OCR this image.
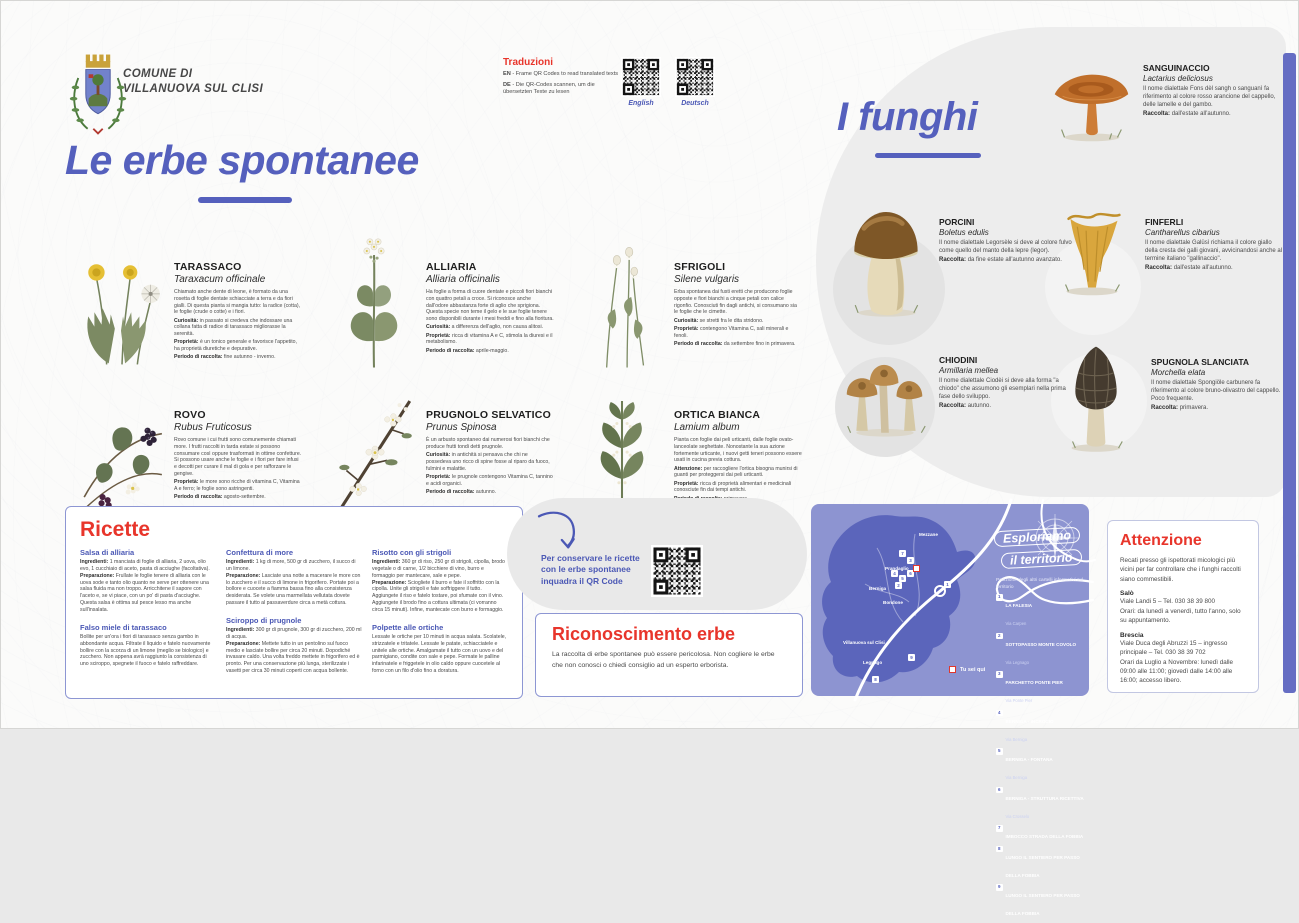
COMUNE DI
VILLANUOVA SUL CLISI
Traduzioni

EN - Frame QR Codes to read translated texts

DE - Die QR-Codes scannen, um die übersetzten Texte zu lesen

English	Deutsch
Le erbe spontanee
I funghi
TARASSACO
Taraxacum officinale

Chiamato anche dente di leone, è formato da una rosetta di foglie dentate schiacciate a terra e da fiori gialli. Di questa pianta si mangia tutto: la radice (cotta), le foglie (crude o cotte) e i fiori.

Curiosità: in passato si credeva che indossare una collana fatta di radice di tarassaco migliorasse la serenità.

Proprietà: è un tonico generale e favorisce l'appetito, ha proprietà diuretiche e depurative.

Periodo di raccolta: fine autunno - inverno.

ALLIARIA
Alliaria officinalis

Ha foglie a forma di cuore dentate e piccoli fiori bianchi con quattro petali a croce. Si riconosce anche dall'odore abbastanza forte di aglio che sprigiona. Questa specie non teme il gelo e le sue foglie tenere sono disponibili durante i mesi freddi e fino alla fioritura.

Curiosità: a differenza dell'aglio, non causa alitosi.

Proprietà: ricca di vitamina A e C, stimola la diuresi e il metabolismo.

Periodo di raccolta: aprile-maggio.

SFRIGOLI
Silene vulgaris

Erba spontanea dai fusti eretti che producono foglie opposte e fiori bianchi a cinque petali con calice rigonfio. Conosciuti fin dagli antichi, si consumano sia le foglie che le cimette.

Curiosità: se stretti fra le dita stridono.

Proprietà: contengono Vitamina C, sali minerali e fenoli.

Periodo di raccolta: da settembre fino in primavera.

ROVO
Rubus Fruticosus

Rovo comune i cui frutti sono comunemente chiamati more. I frutti raccolti in tarda estate si possono consumare così oppure trasformati in ottime confetture. Si possono usare anche le foglie e i fiori per fare infusi e decotti per curare il mal di gola e per rafforzare le gengive.

Proprietà: le more sono ricche di vitamina C, Vitamina A e ferro; le foglie sono astringenti.

Periodo di raccolta: agosto-settembre.

PRUGNOLO SELVATICO
Prunus Spinosa

È un arbusto spontaneo dai numerosi fiori bianchi che produce frutti tondi detti prugnole.

Curiosità: in antichità si pensava che chi ne possedeva uno ricco di spine fosse al riparo da fuoco, fulmini e malattie.

Proprietà: le prugnole contengono Vitamina C, tannino e acidi organici.

Periodo di raccolta: autunno.

ORTICA BIANCA
Lamium album

Pianta con foglie dai peli urticanti, dalle foglie ovato-lanceolate seghettate. Nonostante la sua azione fortemente urticante, i nuovi getti teneri possono essere usati in cucina previa cottura.

Attenzione: per raccogliere l'ortica bisogna munirsi di guanti per proteggersi dai peli urticanti.

Proprietà: ricca di proprietà alimentari e medicinali conosciute fin dai tempi antichi.

SANGUINACCIO
Lactarius deliciosus

Il nome dialettale Fons dèl sangh o sanguanì fa riferimento al colore rosso arancione del cappello, delle lamelle e del gambo.

Raccolta: dall'estate all'autunno.

PORCINI
Boletus edulis

Il nome dialettale Legorsèle si deve al colore fulvo come quello del manto della lepre (legor).

Raccolta: da fine estate all'autunno avanzato.

FINFERLI
Cantharellus cibarius

Il nome dialettale Galüsì richiama il colore giallo della cresta dei galli giovani, avvicinandosi anche al termine italiano "gallinaccio".

Raccolta: dall'estate all'autunno.

CHIODINI
Armillaria mellea

Il nome dialettale Ciodèi si deve alla forma "a chiodo" che assumono gli esemplari nella prima fase dello sviluppo.

Raccolta: autunno.

SPUGNOLA SLANCIATA
Morchella elata

Il nome dialettale Spongiöle carbunere fa riferimento al colore bruno-olivastro del cappello. Poco frequente.

Raccolta: primavera.

Ricette
Salsa di alliaria

Ingredienti: 1 manciata di foglie di alliaria, 2 uova, olio evo, 1 cucchiaio di aceto, pasta di acciughe (facoltativa).

Preparazione: Frullate le foglie tenere di alliaria con le uova sode e tanto olio quanto ne serve per ottenere una salsa fluida ma non troppo. Arricchitene il sapore con l'aceto e, se vi piace, con un po' di pasta d'acciughe. Questa salsa è ottima sul pesce lesso ma anche sull'insalata.

Falso miele di tarassaco

Bollite per un'ora i fiori di tarassaco senza gambo in abbondante acqua. Filtrate il liquido e fatelo nuovamente bollire con la scorza di un limone (meglio se biologico) e zucchero. Non appena avrà raggiunto la consistenza di uno sciroppo, spegnete il fuoco e fatelo raffreddare.

Confettura di more

Ingredienti: 1 kg di more, 500 gr di zucchero, il succo di un limone.

Preparazione: Lasciate una notte a macerare le more con lo zucchero e il succo di limone in frigorifero. Portate poi a bollore e cuocete a fiamma bassa fino alla consistenza desiderata. Se volete una marmellata vellutata dovete passare il tutto al passaverdure circa a metà cottura.

Sciroppo di prugnole

Ingredienti: 300 gr di prugnole, 300 gr di zucchero, 200 ml di acqua.

Preparazione: Mettete tutto in un pentolino sul fuoco medio e lasciate bollire per circa 20 minuti. Dopodiché invasare caldo. Una volta freddo mettete in frigorifero ed è pronto. Per una conservazione più lunga, sterilizzate i vasetti per circa 30 minuti coperti con acqua bollente.

Risotto con gli strigoli

Ingredienti: 360 gr di riso, 250 gr di strigoli, cipolla, brodo vegetale o di carne, 1/2 bicchiere di vino, burro e formaggio per mantecare, sale e pepe.

Preparazione: Sciogliete il burro e fate il soffritto con la cipolla. Unite gli strigoli e fate soffriggere il tutto. Aggiungete il riso e fatelo tostare, poi sfumate con il vino. Aggiungete il brodo fino a cottura ultimata (ci vorranno circa 15 minuti). Infine, mantecate con burro e formaggio.

Polpette alle ortiche

Lessate le ortiche per 10 minuti in acqua salata. Scolatele, strizzatele e tritatele. Lessate le patate, schiacciatele e unitele alle ortiche. Amalgamate il tutto con un uovo e del parmigiano, condite con sale e pepe. Formate le palline infarinatele e friggetele in olio caldo oppure cuocetele al forno con un filo d'olio fino a doratura.

Per conservare le ricette con le erbe spontanee inquadra il QR Code
Riconoscimento erbe
La raccolta di erbe spontanee può essere pericolosa. Non cogliere le erbe che non conosci o chiedi consiglio ad un esperto erborista.
Esploriamo
il territorio
Posizione degli altri cartelli informativi sul territorio
1
LA FALESIA
Via Carpen
2
SOTTOPASSO MONTE COVOLO
Via Legnago
3
PARCHETTO PONTE PIER
Via Ponte Pier
4
BERNIGA - INCROCIO
Via Berniga
5
BERNIGA - FONTANA
Via Berniga
6
BERNIGA - STRUTTURA RICETTIVA
Via Crosselo
7
IMBOCCO STRADA DELLA FOBBIA
8
LUNGO IL SENTIERO PER PASSO DELLA FOBBIA
9
LUNGO IL SENTIERO PER PASSO DELLA FOBBIA
1
2
3
4
5
6
7
8
9
Mezzane
Prandaglio
Berniga
Bondone
Villanuova sul Clisi
Legnago
Tu sei qui
Attenzione
Recati presso gli ispettorati micologici più vicini per far controllare che i funghi raccolti siano commestibili.
Salò
Viale Landi 5 – Tel. 030 38 39 800
Orari: da lunedì a venerdì, tutto l'anno, solo su appuntamento.
Brescia
Viale Duca degli Abruzzi 15 – ingresso principale – Tel. 030 38 39 702
Orari da Luglio a Novembre: lunedì dalle 09:00 alle 11:00; giovedì dalle 14:00 alle 16:00; accesso libero.
